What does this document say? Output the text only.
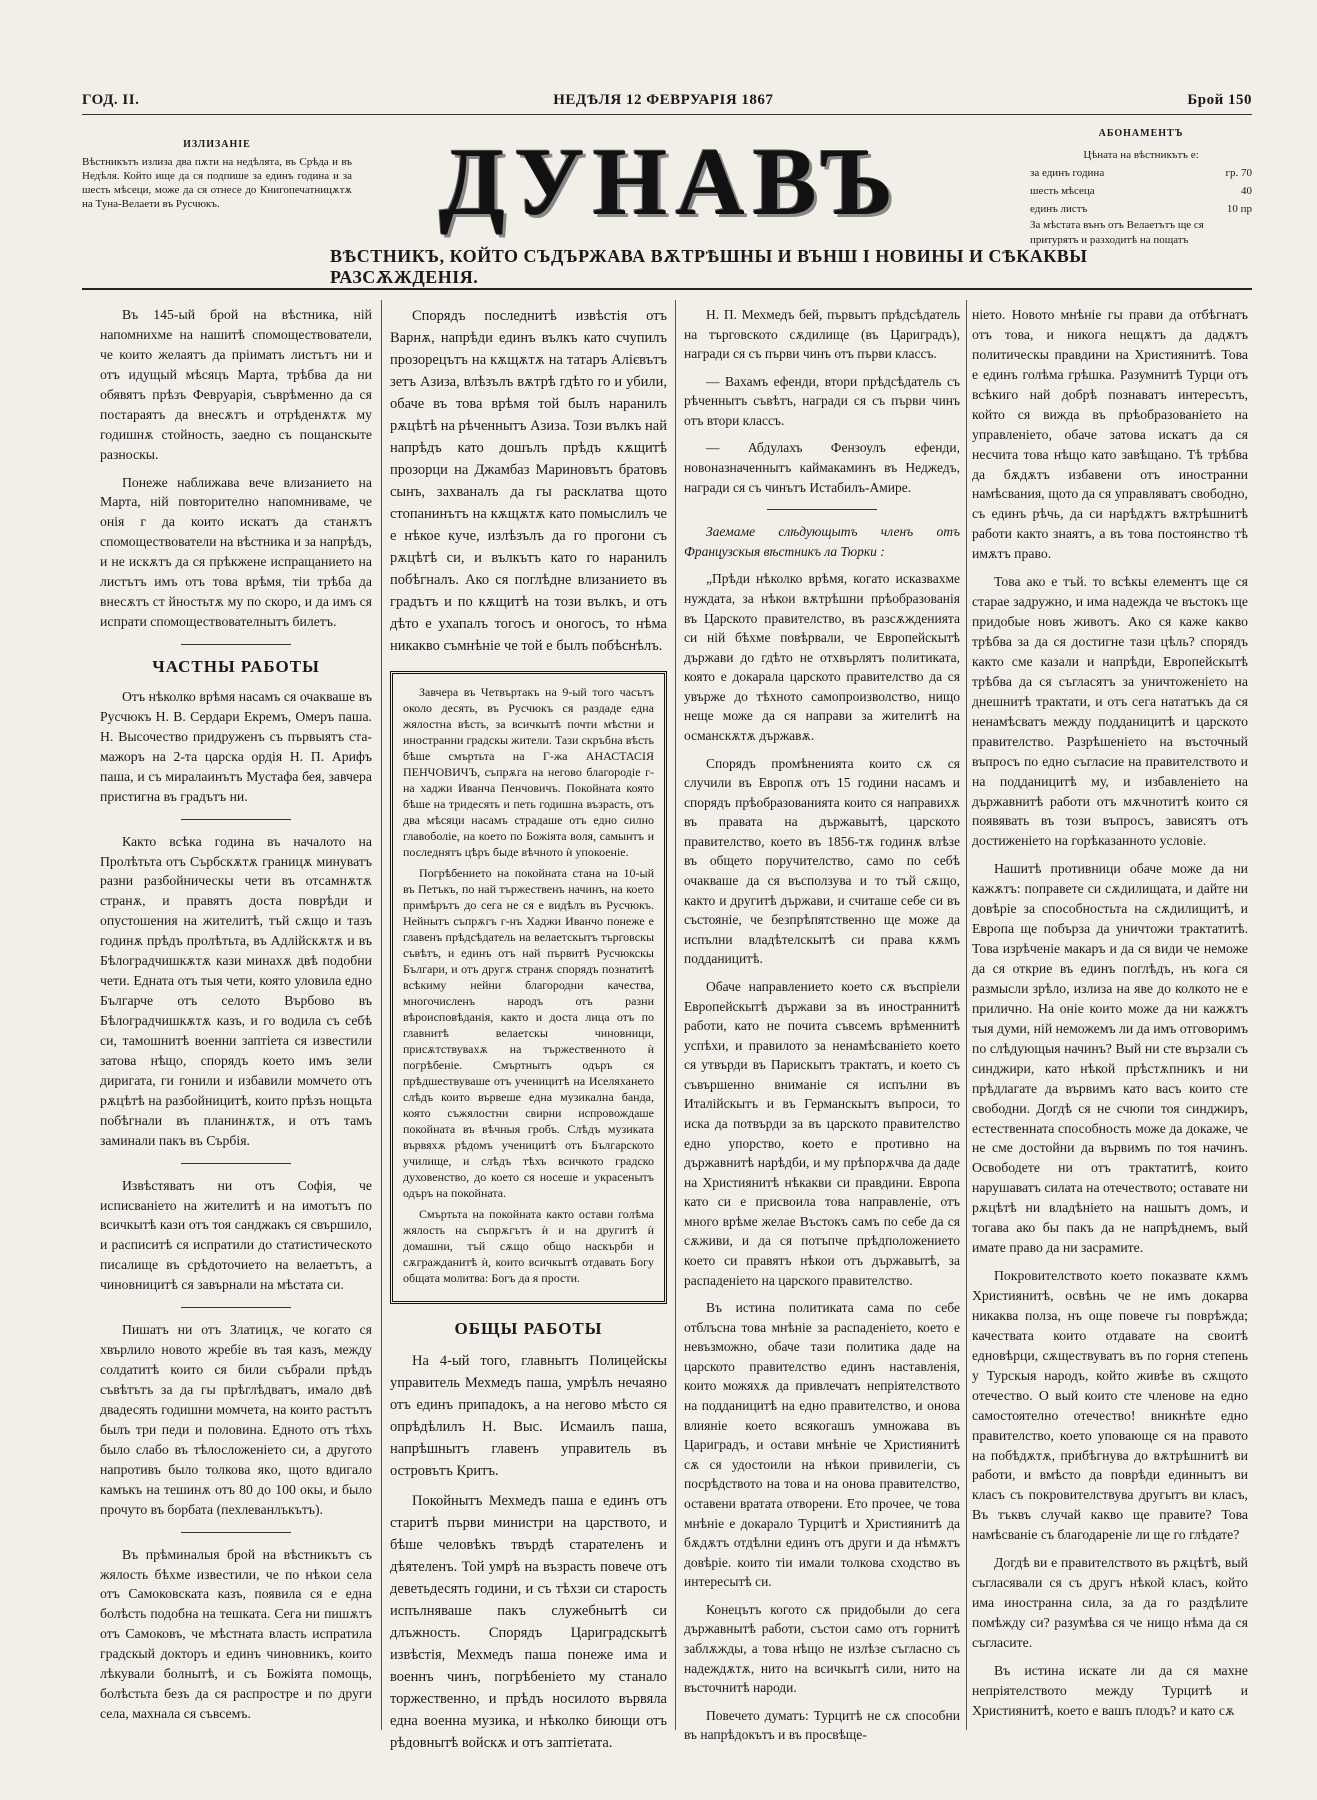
ГОД. II.	НЕДѢЛЯ 12 ФЕВРУАРІЯ 1867	Брой 150
ИЗЛИЗАНІЕ
Вѣстникътъ излиза два пѫти на недѣлята, въ Срѣда и въ Недѣля. Който ище да ся подпише за единъ година и за шесть мѣсеци, може да ся отнесе до Книгопечатницѫтѫ на Тунa-Велаети въ Русчюкъ.	ДУНАВЪ
ВѢСТНИКЪ, КОЙТО СЪДЪРЖАВА ВѪТРѢШНЫ И ВЪНШ І НОВИНЫ И СѢКАКВЫ РАЗСѪЖДЕНІЯ.
АБОНАМЕНТЪ
Цѣната на вѣстникътъ е:
за единъ година	гр. 70
шесть мѣсеца	40
единъ листъ	10 пр
За мѣстата вънъ отъ Велаетътъ ще ся притурятъ и разходитѣ на пощатъ

Въ 145-ый брой на вѣстника, ній напомнихме на нашитѣ спомоществователи, че които желаятъ да пріиматъ листътъ ни и отъ идущый мѣсяцъ Марта, трѣбва да ни обявятъ прѣзъ Февруарія, съврѣменно да ся постараятъ да внесѫтъ и отрѣденѫтѫ му годишнѫ стойность, заедно съ пощанскыте разноскы.

Понеже наближава вече влизанието на Марта, ній повторително напомниваме, че онія г да които искатъ да станѫтъ спомоществователи на вѣстника и за напрѣдъ, и не искѫтъ да ся прѣкжене испращанието на листътъ имъ отъ това врѣмя, тіи трѣба да внесѫтъ ст йностьтѫ му по скоро, и да имъ ся испрати спомоществователнытъ билетъ.

ЧАСТНЫ РАБОТЫ

Отъ нѣколко врѣмя насамъ ся очакваше въ Русчюкъ Н. В. Сердари Екремъ, Омеръ паша. Н. Высочество придруженъ съ първыятъ ста-мажоръ на 2-та царска ордія Н. П. Арифъ паша, и съ миралаинътъ Мустафа бея, завчера пристигна въ градътъ ни.

Както всѣка година въ началото на Пролѣтьта отъ Сърбскѫтѫ границѫ минуватъ разни разбойническы чети въ отсамнѫтѫ странѫ, и правятъ доста поврѣди и опустошения на жителитѣ, тъй сѫщо и тазъ годинѫ прѣдъ пролѣтьта, въ Адлійскѫтѫ и въ Бѣлоградчишкѫтѫ кази минахѫ двѣ подобни чети. Едната отъ тыя чети, която уловила едно Българче отъ селото Върбово въ Бѣлоградчишкѫтѫ казъ, и го водила съ себѣ си, тамошнитѣ военни заптіета ся известили затова нѣщо, спорядъ което имъ зели диригата, ги гонили и избавили момчето отъ рѫцѣтѣ на разбойницитѣ, които прѣзъ нощьта побѣгнали въ планинѫтѫ, и отъ тамъ заминали пакъ въ Сърбія.

Извѣстяватъ ни отъ Софія, че исписванiето на жителитѣ и на имотътъ по всичкытѣ кази отъ тоя санджакъ ся свършило, и расписитѣ ся испратили до статистическото писалище въ срѣдоточието на велаетътъ, а чиновницитѣ ся завърнали на мѣстата си.

Пишатъ ни отъ Златицѫ, че когато ся хвърлило новото жребіе въ тая казъ, между солдатитѣ които ся били събрали прѣдъ съвѣтътъ за да гы прѣглѣдватъ, имало двѣ двадесять годишни момчета, на които растътъ былъ три педи и половина. Едното отъ тѣхъ было слабо въ тѣлосложеніето си, а другото напротивъ было толкова якo, щото вдигало камъкъ на тешинѫ отъ 80 до 100 окы, и было прочуто въ борбата (пехлеванлъкътъ).

Въ прѣминалыя брой на вѣстникътъ съ жялость бѣхме известили, че по нѣкои села отъ Самоковската казъ, появила ся е една болѣсть подобна на тешката. Сега ни пишѫтъ отъ Самоковъ, че мѣстната власть испратила градскый докторъ и единъ чиновникъ, които лѣкували болнытѣ, и съ Божіята помощь, болѣстьта безъ да ся распростре и по други села, махнала ся съвсемъ.

Спорядъ последнитѣ извѣстія отъ Варнѫ, напрѣди единъ вълкъ като счупилъ прозорецътъ на кѫщѫтѫ на татаръ Алієвътъ зетъ Азиза, влѣзълъ вѫтрѣ гдѣто го и убили, обаче въ това врѣмя той былъ наранилъ рѫцѣтѣ на рѣченнытъ Азиза. Този вълкъ най напрѣдъ като дошълъ прѣдъ кѫщитѣ прозорци на Джамбаз Мариновътъ братовъ сынъ, захваналъ да гы расклатва щото стопанинътъ на кѫщѫтѫ като помыслилъ че е нѣкое куче, излѣзълъ да го прогони съ рѫцѣтѣ си, и вълкътъ като го наранилъ побѣгналъ. Ако ся поглѣдне влизанието въ градътъ и по кѫщитѣ на този вълкъ, и отъ дѣто е ухапалъ тогосъ и оногосъ, то нѣма никакво съмнѣніе че той е былъ побѣснѣлъ.

Завчера въ Четвъртакъ на 9-ый того часътъ около десять, въ Русчюкъ ся раздаде една жялостна вѣсть, за всичкытѣ почти мѣстни и иностранни градскы жители. Тази скръбна вѣсть бѣше смъртьта на Г-жа АНАСТАСІЯ ПЕНЧОВИЧЪ, съпрѫга на негово благородіе г-на хаджи Иванча Пенчовичъ. Покойната която бѣше на тридесять и петь годишна възрасть, отъ два мѣсяци насамъ страдаше отъ едно силно главоболіе, на което по Божіята воля, самынтъ и последнятъ цѣръ быде вѣчното ѝ упокоеніе.

Погрѣбението на покойната стана на 10-ый въ Петъкъ, по най тържественъ начинъ, на което примѣрътъ до сега не ся е видѣлъ въ Русчюкъ. Нейнытъ съпрѫгъ г-нъ Хаджи Иванчо понеже е главенъ прѣдсѣдатель на велаетскытъ търговскы съвѣтъ, и единъ отъ най първитѣ Русчюкскы Българи, и отъ другѫ странѫ спорядъ познатитѣ всѣкиму нейни благородни качества, многочисленъ народъ отъ разни вѣроисповѣданія, както и доста лица отъ по главнитѣ велаетскы чиновници, присѫтствувахѫ на тържественното ѝ погрѣбеніе. Смъртнытъ одъръ ся прѣдшествуваше отъ ученицитѣ на Иселяханетo слѣдъ които вървеше една музикална банда, която съжялостни свирни испровождаше покойната въ вѣчныя гробъ. Слѣдъ музиката вървяхѫ рѣдомъ ученицитѣ отъ Българското училище, и слѣдъ тѣхъ всичкото градско духовенство, до което ся носеше и украсенытъ одъръ на покойната.

Смъртьта на покойната както остави голѣма жялость на съпрѫгътъ ѝ и на другитѣ ѝ домашни, тъй сѫщо общо наскърби и сѫгражданитѣ ѝ, които всичкытѣ отдавать Богу общата молитва: Богъ да я прости.

ОБЩЫ РАБОТЫ

На 4-ый того, главнытъ Полицейскы управитель Мехмедъ паша, умрѣлъ нечаяно отъ единъ припадокъ, а на негово мѣсто ся опрѣдѣлилъ Н. Выс. Исмаилъ паша, напрѣшнытъ главенъ управитель въ островътъ Критъ.

Покойнытъ Мехмедъ паша е единъ отъ старитѣ първи министри на царството, и бѣше человѣкъ твърдѣ старателенъ и дѣятеленъ. Той умрѣ на възрасть повече отъ деветьдесять години, и съ тѣхзи си старость испълняваше пакъ служебнытѣ си длъжность. Спорядъ Цариградскытѣ извѣстія, Мехмедъ паша понеже имa и военнъ чинъ, погрѣбеніето му станало торжественно, и прѣдъ носилото вървяла една военна музика, и нѣколко биющи отъ рѣдовнытѣ войскѫ и отъ заптіетата.

Н. П. Мехмедъ бей, първытъ прѣдсѣдатель на търговското сѫдилище (въ Цариградъ), награди ся съ първи чинъ отъ първи классъ.

— Вахамъ ефенди, втори прѣдсѣдатель съ рѣченнытъ съвѣтъ, награди ся съ първи чинъ отъ втори классъ.

— Абдулахъ Фензоулъ ефенди, новоназначеннытъ каймакаминъ въ Неджедъ, награди ся съ чинътъ Истабилъ-Амире.

Заемаме слѣдующытъ членъ отъ Французскыя вѣстникъ ла Тюрки :

„Прѣди нѣколко врѣмя, когато исказвахме нуждата, за нѣкои вѫтрѣшни прѣобразованія въ Царското правителство, въ разсѫжденията си ній бѣхме повѣрвали, че Европейскытѣ държави до гдѣто не отхвърлятъ политиката, която е докарала царското правителство да ся увърже до тѣхното самопроизволство, нищо неще може да ся направи за жителитѣ на османскѫтѫ държавѫ.

Спорядъ промѣненията които сѫ ся случили въ Европѫ отъ 15 години насамъ и спорядъ прѣобразованията които ся направихѫ въ правата на държавытѣ, царското правителство, което въ 1856-тѫ годинѫ влѣзе въ общето поручителство, само по себѣ очакваше да ся въсползува и то тъй сѫщо, както и другитѣ държави, и считаше себе си въ състояніе, че безпрѣпятственно ще може да испълни владѣтелскытѣ си права кѫмъ подданицитѣ.

Обаче направлението което сѫ въспрiели Европейскытѣ държави за въ иностраннитѣ работи, като не почита съвсемъ врѣменнитѣ успѣхи, и правилото за ненамѣсванiето което ся утвърди въ Парискытъ трактатъ, и което съ съвършенно вниманiе ся испълни въ Италійскытъ и въ Германскытъ въпроси, то иска да потвърди за въ царското правителство едно упорство, което е противно на държавнитѣ нарѣдби, и му прѣпорѫчва да даде на Християнитѣ нѣкакви си правдини. Европа като си е присвоила това направленіе, отъ много врѣме желае Въстокъ самъ по себе да ся сѫживи, и да ся потъпче прѣдположението което си правятъ нѣкои отъ държавытѣ, за распаденiето на царского правителство.

Въ истина политиката сама по себе отблъсна това мнѣніе за распаденiето, което е невъзможно, обаче тази политика даде на царското правителство единъ наставленія, които можяхѫ да привлечатъ непріятелството на подданицитѣ на едно правителство, и онова влияніе което всякогашъ умножава въ Цариградъ, и остави мнѣніе че Християнитѣ сѫ ся удостоили на нѣкои привилегіи, съ посрѣдството на това и на онова правителство, оставени вратата отворени. Ето прочее, че това мнѣніе е докарало Турцитѣ и Християнитѣ да бѫдѫтъ отдѣлни единъ отъ други и да нѣмѫтъ довѣріе. които тіи имали толкова сходство въ интересытѣ си.

Конецътъ когото сѫ придобыли до сега държавнытѣ работи, състои само отъ горнитѣ заблѫжды, а това нѣщо не излѣзе съгласно съ надеждѫтѫ, нито на всичкытѣ сили, нито на въсточнитѣ народи.

Повечето думатъ: Турцитѣ не сѫ способни въ напрѣдокътъ и въ просвѣще-

ніето. Новото мнѣніе гы прави да отбѣгнатъ отъ това, и никога нещѫтъ да дадѫтъ политическы правдини на Християнитѣ. Това е единъ голѣма грѣшка. Разумнитѣ Турци отъ всѣкиго най добрѣ познаватъ интересътъ, който ся вижда въ прѣобразованiето на управленiето, обаче затова искатъ да ся несчита това нѣщо като завѣщано. Тѣ трѣбва да бѫдѫтъ избавени отъ иностранни намѣсвания, щото да ся управляватъ свободно, съ единъ рѣчь, да си нарѣдѫтъ вѫтрѣшнитѣ работи както знаятъ, а въ това постоянство тѣ имѫтъ право.

Това ако е тъй. то всѣкы елементъ ще ся старае задружно, и има надежда че въстокъ ще придобые новъ животъ. Ако ся каже какво трѣбва за да ся достигне тази цѣль? спорядъ както сме казали и напрѣди, Европейскытѣ трѣбва да ся съгласятъ за уничтоженiето на днешнитѣ трактати, и отъ сега нататъкъ да ся ненамѣсватъ между подданицитѣ и царското правителство. Разрѣшенiето на въсточный въпросъ по едно съгласие на правителството и на подданицитѣ му, и избавленiето на държавнитѣ работи отъ мѫчнотитѣ които ся появявать въ този въпросъ, зависятъ отъ достиженiето на горѣказанното условіе.

Нашитѣ противници обаче може да ни кажѫтъ: поправете си сѫдилищата, и дайте ни довѣріе за способностьта на сѫдилищитѣ, и Европа ще побърза да уничтожи трактатитѣ. Това изрѣченіе макаръ и да ся види че неможе да ся открие въ единъ поглѣдъ, нъ кога ся размысли зрѣло, излиза на яве до колкото не е прилично. На оніе които може да ни кажѫтъ тыя думи, ній неможемъ ли да имъ отговоримъ по слѣдующыя начинъ? Вый ни сте вързали съ синджири, като нѣкой прѣстѫпникъ и ни прѣдлагате да вървимъ като васъ които сте свободни. Догдѣ ся не счюпи тоя синджиръ, естественната способность може да докаже, че не сме достойни да вървимъ по тоя начинъ. Освободете ни отъ трактатитѣ, които нарушаватъ силата на отечеството; оставате ни рѫцѣтѣ ни владѣніето на нашытъ домъ, и тогава ако бы пакъ да не напрѣднемъ, вый имате право да ни засрамите.

Покровителството което показвате кѫмъ Християнитѣ, освѣнь че не имъ докарва никаква полза, нъ още повече гы поврѣжда; качествата които отдавате на своитѣ едновѣрци, сѫществуватъ въ по горня степень у Турскыя народъ, който живѣе въ сѫщото отечество. О вый които сте членове на едно самостоятелно отечество! вникнѣте едно правителство, което уповающе ся на правото на побѣдѫтѫ, прибѣгнува до вѫтрѣшнитѣ ви работи, и вмѣсто да поврѣди единнытъ ви класъ съ покровителствува другытъ ви класъ, Въ тъквъ случай какво ще правите? Това намѣсваніе съ благодареніе ли ще го глѣдате?

Догдѣ ви е правителството въ рѫцѣтѣ, вый съгласявали ся съ другъ нѣкой класъ, който има иностранна сила, за да го раздѣлите помѣжду си? разумѣва ся че нищо нѣма да ся съгласите.

Въ истина искате ли да ся махне непріятелството между Турцитѣ и Християнитѣ, което е вашъ плодъ? и като сѫ
